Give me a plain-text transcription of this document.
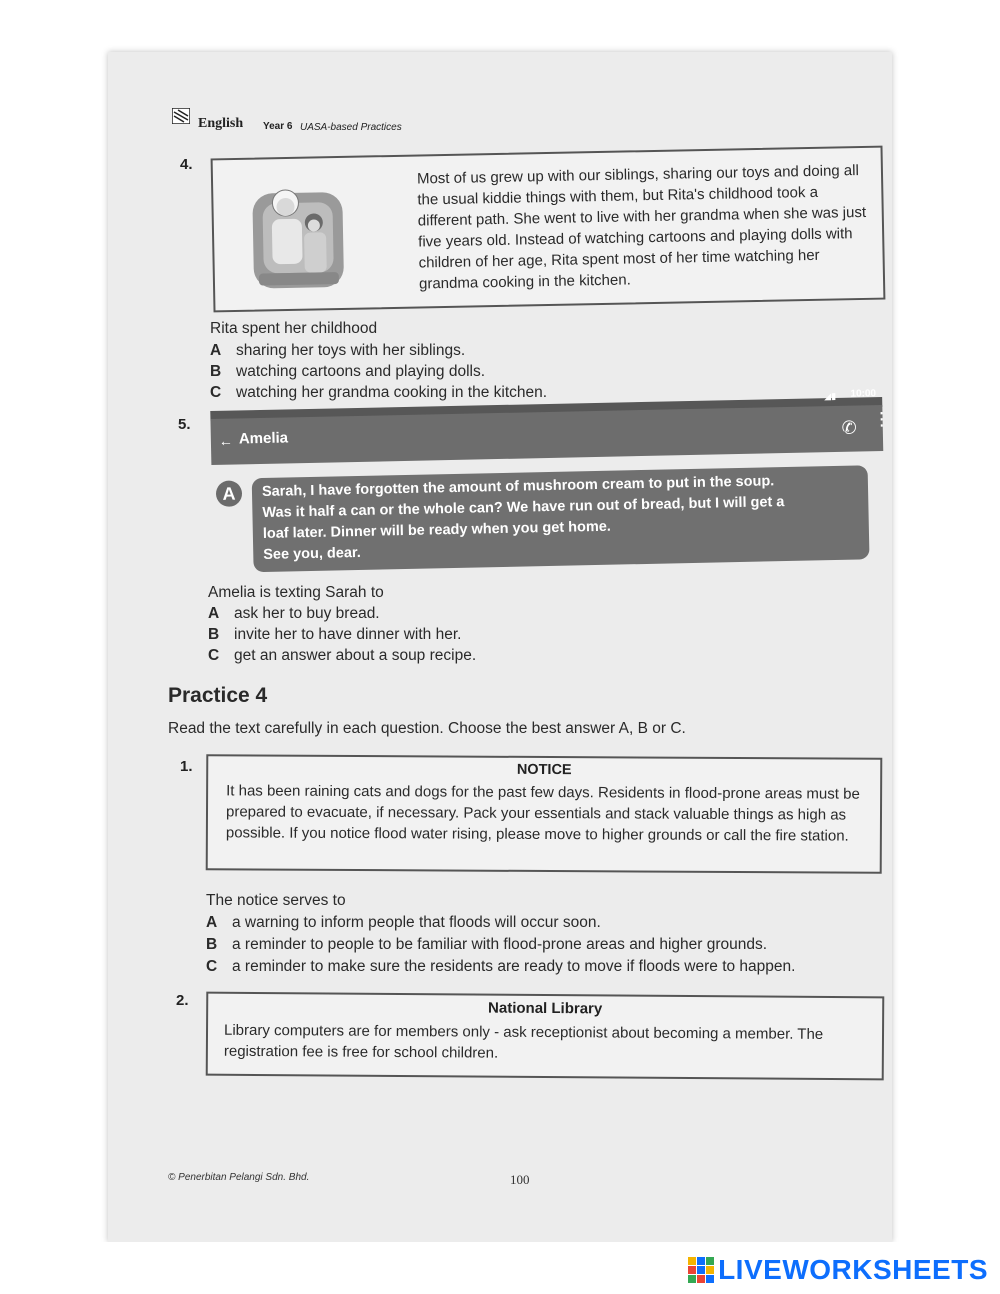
English Year 6 UASA-based Practices
4.	Most of us grew up with our siblings, sharing our toys and doing all the usual kiddie things with them, but Rita's childhood took a different path. She went to live with her grandma when she was just five years old. Instead of watching cartoons and playing dolls with children of her age, Rita spent most of her time watching her grandma cooking in the kitchen.
Rita spent her childhood
A sharing her toys with her siblings.
B watching cartoons and playing dolls.
C watching her grandma cooking in the kitchen.
5.
◢▮ 10:00
← Amelia
✆ ⋮
A	Sarah, I have forgotten the amount of mushroom cream to put in the soup.
Was it half a can or the whole can? We have run out of bread, but I will get a
loaf later. Dinner will be ready when you get home.
See you, dear.
Amelia is texting Sarah to
A ask her to buy bread.
B invite her to have dinner with her.
C get an answer about a soup recipe.
Practice 4
Read the text carefully in each question. Choose the best answer A, B or C.
1.	NOTICE
It has been raining cats and dogs for the past few days. Residents in flood-prone areas must be prepared to evacuate, if necessary. Pack your essentials and stack valuable things as high as possible. If you notice flood water rising, please move to higher grounds or call the fire station.
The notice serves to
A a warning to inform people that floods will occur soon.
B a reminder to people to be familiar with flood-prone areas and higher grounds.
C a reminder to make sure the residents are ready to move if floods were to happen.
2.	National Library
Library computers are for members only - ask receptionist about becoming a member. The registration fee is free for school children.
© Penerbitan Pelangi Sdn. Bhd.	100
LIVEWORKSHEETS
